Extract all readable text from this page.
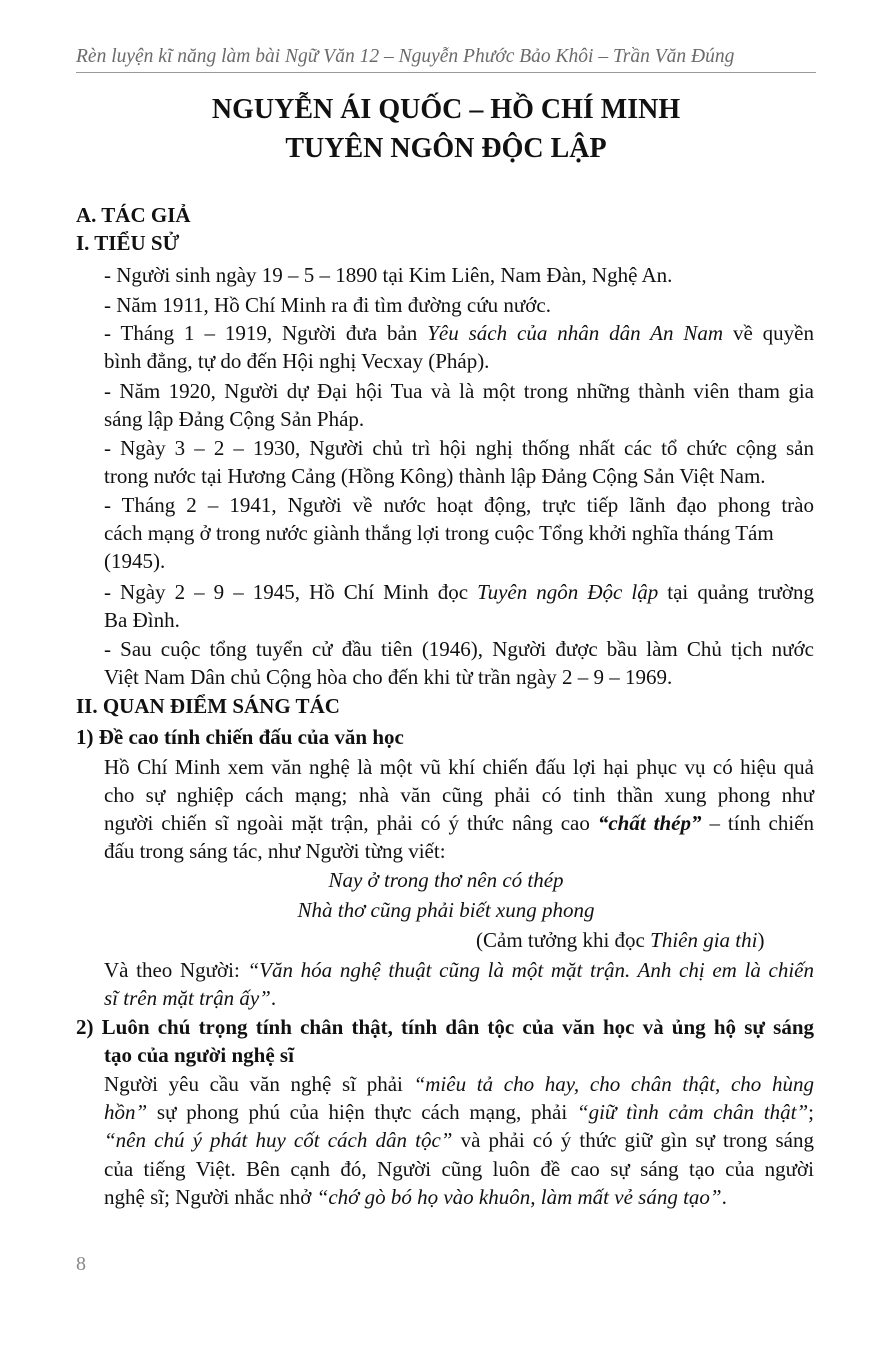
Rèn luyện kĩ năng làm bài Ngữ Văn 12 – Nguyễn Phước Bảo Khôi – Trần Văn Đúng
NGUYỄN ÁI QUỐC – HỒ CHÍ MINH
TUYÊN NGÔN ĐỘC LẬP
A. TÁC GIẢ
I. TIỂU SỬ
- Người sinh ngày 19 – 5 – 1890 tại Kim Liên, Nam Đàn, Nghệ An.
- Năm 1911, Hồ Chí Minh ra đi tìm đường cứu nước.
- Tháng 1 – 1919, Người đưa bản Yêu sách của nhân dân An Nam về quyền
bình đẳng, tự do đến Hội nghị Vecxay (Pháp).
- Năm 1920, Người dự Đại hội Tua và là một trong những thành viên tham gia
sáng lập Đảng Cộng Sản Pháp.
- Ngày 3 – 2 – 1930, Người chủ trì hội nghị thống nhất các tổ chức cộng sản
trong nước tại Hương Cảng (Hồng Kông) thành lập Đảng Cộng Sản Việt Nam.
- Tháng 2 – 1941, Người về nước hoạt động, trực tiếp lãnh đạo phong trào
cách mạng ở trong nước giành thắng lợi trong cuộc Tổng khởi nghĩa tháng Tám
(1945).
- Ngày 2 – 9 – 1945, Hồ Chí Minh đọc Tuyên ngôn Độc lập tại quảng trường
Ba Đình.
- Sau cuộc tổng tuyển cử đầu tiên (1946), Người được bầu làm Chủ tịch nước
Việt Nam Dân chủ Cộng hòa cho đến khi từ trần ngày 2 – 9 – 1969.
II. QUAN ĐIỂM SÁNG TÁC
1) Đề cao tính chiến đấu của văn học
Hồ Chí Minh xem văn nghệ là một vũ khí chiến đấu lợi hại phục vụ có hiệu quả
cho sự nghiệp cách mạng; nhà văn cũng phải có tinh thần xung phong như
người chiến sĩ ngoài mặt trận, phải có ý thức nâng cao “chất thép” – tính chiến
đấu trong sáng tác, như Người từng viết:
Nay ở trong thơ nên có thép
Nhà thơ cũng phải biết xung phong
(Cảm tưởng khi đọc Thiên gia thi)
Và theo Người: “Văn hóa nghệ thuật cũng là một mặt trận. Anh chị em là chiến
sĩ trên mặt trận ấy”.
2) Luôn chú trọng tính chân thật, tính dân tộc của văn học và ủng hộ sự sáng
tạo của người nghệ sĩ
Người yêu cầu văn nghệ sĩ phải “miêu tả cho hay, cho chân thật, cho hùng
hồn” sự phong phú của hiện thực cách mạng, phải “giữ tình cảm chân thật”;
“nên chú ý phát huy cốt cách dân tộc” và phải có ý thức giữ gìn sự trong sáng
của tiếng Việt. Bên cạnh đó, Người cũng luôn đề cao sự sáng tạo của người
nghệ sĩ; Người nhắc nhở “chớ gò bó họ vào khuôn, làm mất vẻ sáng tạo”.
8
